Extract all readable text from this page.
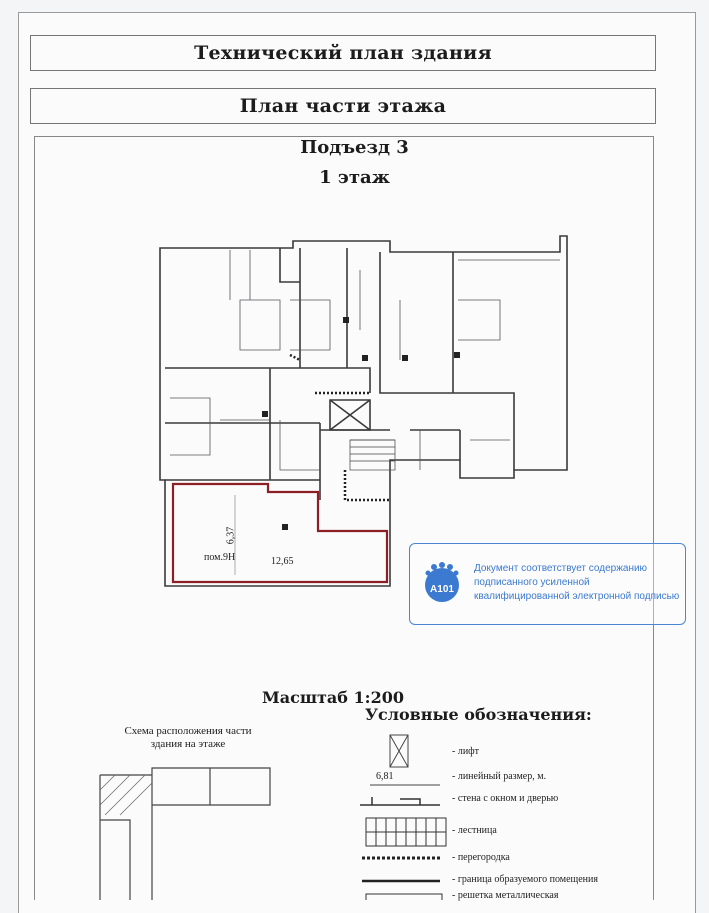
Технический план здания
План части этажа
Подъезд 3
1 этаж
пом.9Н	12,65
6,37
A101
Документ соответствует содержанию
подписанного усиленной
квалифицированной электронной подписью
Масштаб 1:200
Условные обозначения:
Схема расположения части здания на этаже
6,81
- лифт
- линейный размер, м.
- стена с окном и дверью
- лестница
- перегородка
- граница образуемого помещения
- решетка металлическая
